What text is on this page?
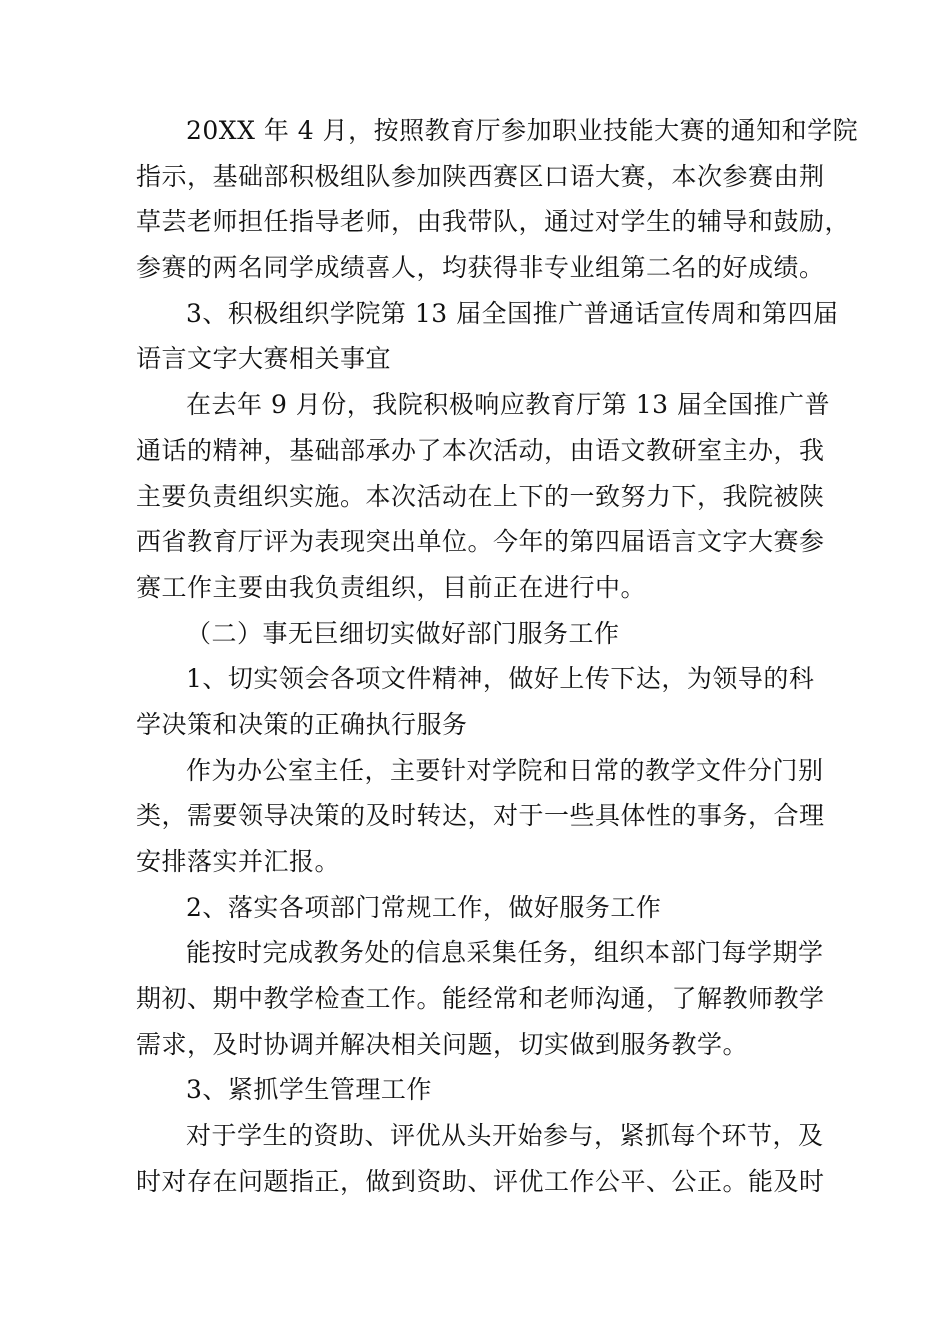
20XX 年 4 月，按照教育厅参加职业技能大赛的通知和学院
指示，基础部积极组队参加陕西赛区口语大赛，本次参赛由荆
草芸老师担任指导老师，由我带队，通过对学生的辅导和鼓励，
参赛的两名同学成绩喜人，均获得非专业组第二名的好成绩。
3、积极组织学院第 13 届全国推广普通话宣传周和第四届
语言文字大赛相关事宜
在去年 9 月份，我院积极响应教育厅第 13 届全国推广普
通话的精神，基础部承办了本次活动，由语文教研室主办，我
主要负责组织实施。本次活动在上下的一致努力下，我院被陕
西省教育厅评为表现突出单位。今年的第四届语言文字大赛参
赛工作主要由我负责组织，目前正在进行中。
（二）事无巨细切实做好部门服务工作
1、切实领会各项文件精神，做好上传下达，为领导的科
学决策和决策的正确执行服务
作为办公室主任，主要针对学院和日常的教学文件分门别
类，需要领导决策的及时转达，对于一些具体性的事务，合理
安排落实并汇报。
2、落实各项部门常规工作，做好服务工作
能按时完成教务处的信息采集任务，组织本部门每学期学
期初、期中教学检查工作。能经常和老师沟通，了解教师教学
需求，及时协调并解决相关问题，切实做到服务教学。
3、紧抓学生管理工作
对于学生的资助、评优从头开始参与，紧抓每个环节，及
时对存在问题指正，做到资助、评优工作公平、公正。能及时
